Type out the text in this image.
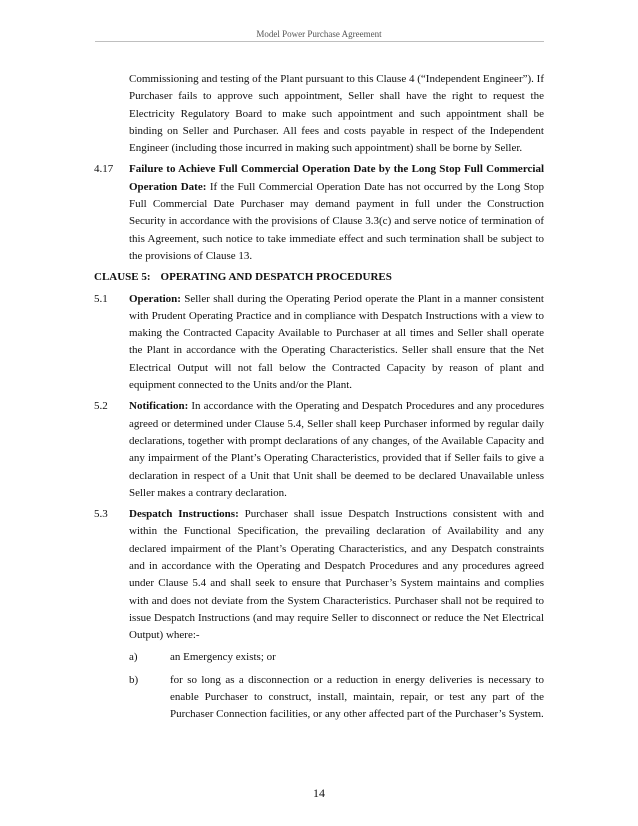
Model Power Purchase Agreement
Commissioning and testing of the Plant pursuant to this Clause 4 (“Independent Engineer”). If Purchaser fails to approve such appointment, Seller shall have the right to request the Electricity Regulatory Board to make such appointment and such appointment shall be binding on Seller and Purchaser. All fees and costs payable in respect of the Independent Engineer (including those incurred in making such appointment) shall be borne by Seller.
4.17	Failure to Achieve Full Commercial Operation Date by the Long Stop Full Commercial Operation Date: If the Full Commercial Operation Date has not occurred by the Long Stop Full Commercial Date Purchaser may demand payment in full under the Construction Security in accordance with the provisions of Clause 3.3(c) and serve notice of termination of this Agreement, such notice to take immediate effect and such termination shall be subject to the provisions of Clause 13.
CLAUSE 5: OPERATING AND DESPATCH PROCEDURES
5.1	Operation: Seller shall during the Operating Period operate the Plant in a manner consistent with Prudent Operating Practice and in compliance with Despatch Instructions with a view to making the Contracted Capacity Available to Purchaser at all times and Seller shall operate the Plant in accordance with the Operating Characteristics. Seller shall ensure that the Net Electrical Output will not fall below the Contracted Capacity by reason of plant and equipment connected to the Units and/or the Plant.
5.2	Notification: In accordance with the Operating and Despatch Procedures and any procedures agreed or determined under Clause 5.4, Seller shall keep Purchaser informed by regular daily declarations, together with prompt declarations of any changes, of the Available Capacity and any impairment of the Plant’s Operating Characteristics, provided that if Seller fails to give a declaration in respect of a Unit that Unit shall be deemed to be declared Unavailable unless Seller makes a contrary declaration.
5.3	Despatch Instructions: Purchaser shall issue Despatch Instructions consistent with and within the Functional Specification, the prevailing declaration of Availability and any declared impairment of the Plant’s Operating Characteristics, and any Despatch constraints and in accordance with the Operating and Despatch Procedures and any procedures agreed under Clause 5.4 and shall seek to ensure that Purchaser’s System maintains and complies with and does not deviate from the System Characteristics. Purchaser shall not be required to issue Despatch Instructions (and may require Seller to disconnect or reduce the Net Electrical Output) where:-
a)	an Emergency exists; or
b)	for so long as a disconnection or a reduction in energy deliveries is necessary to enable Purchaser to construct, install, maintain, repair, or test any part of the Purchaser Connection facilities, or any other affected part of the Purchaser’s System.
14
